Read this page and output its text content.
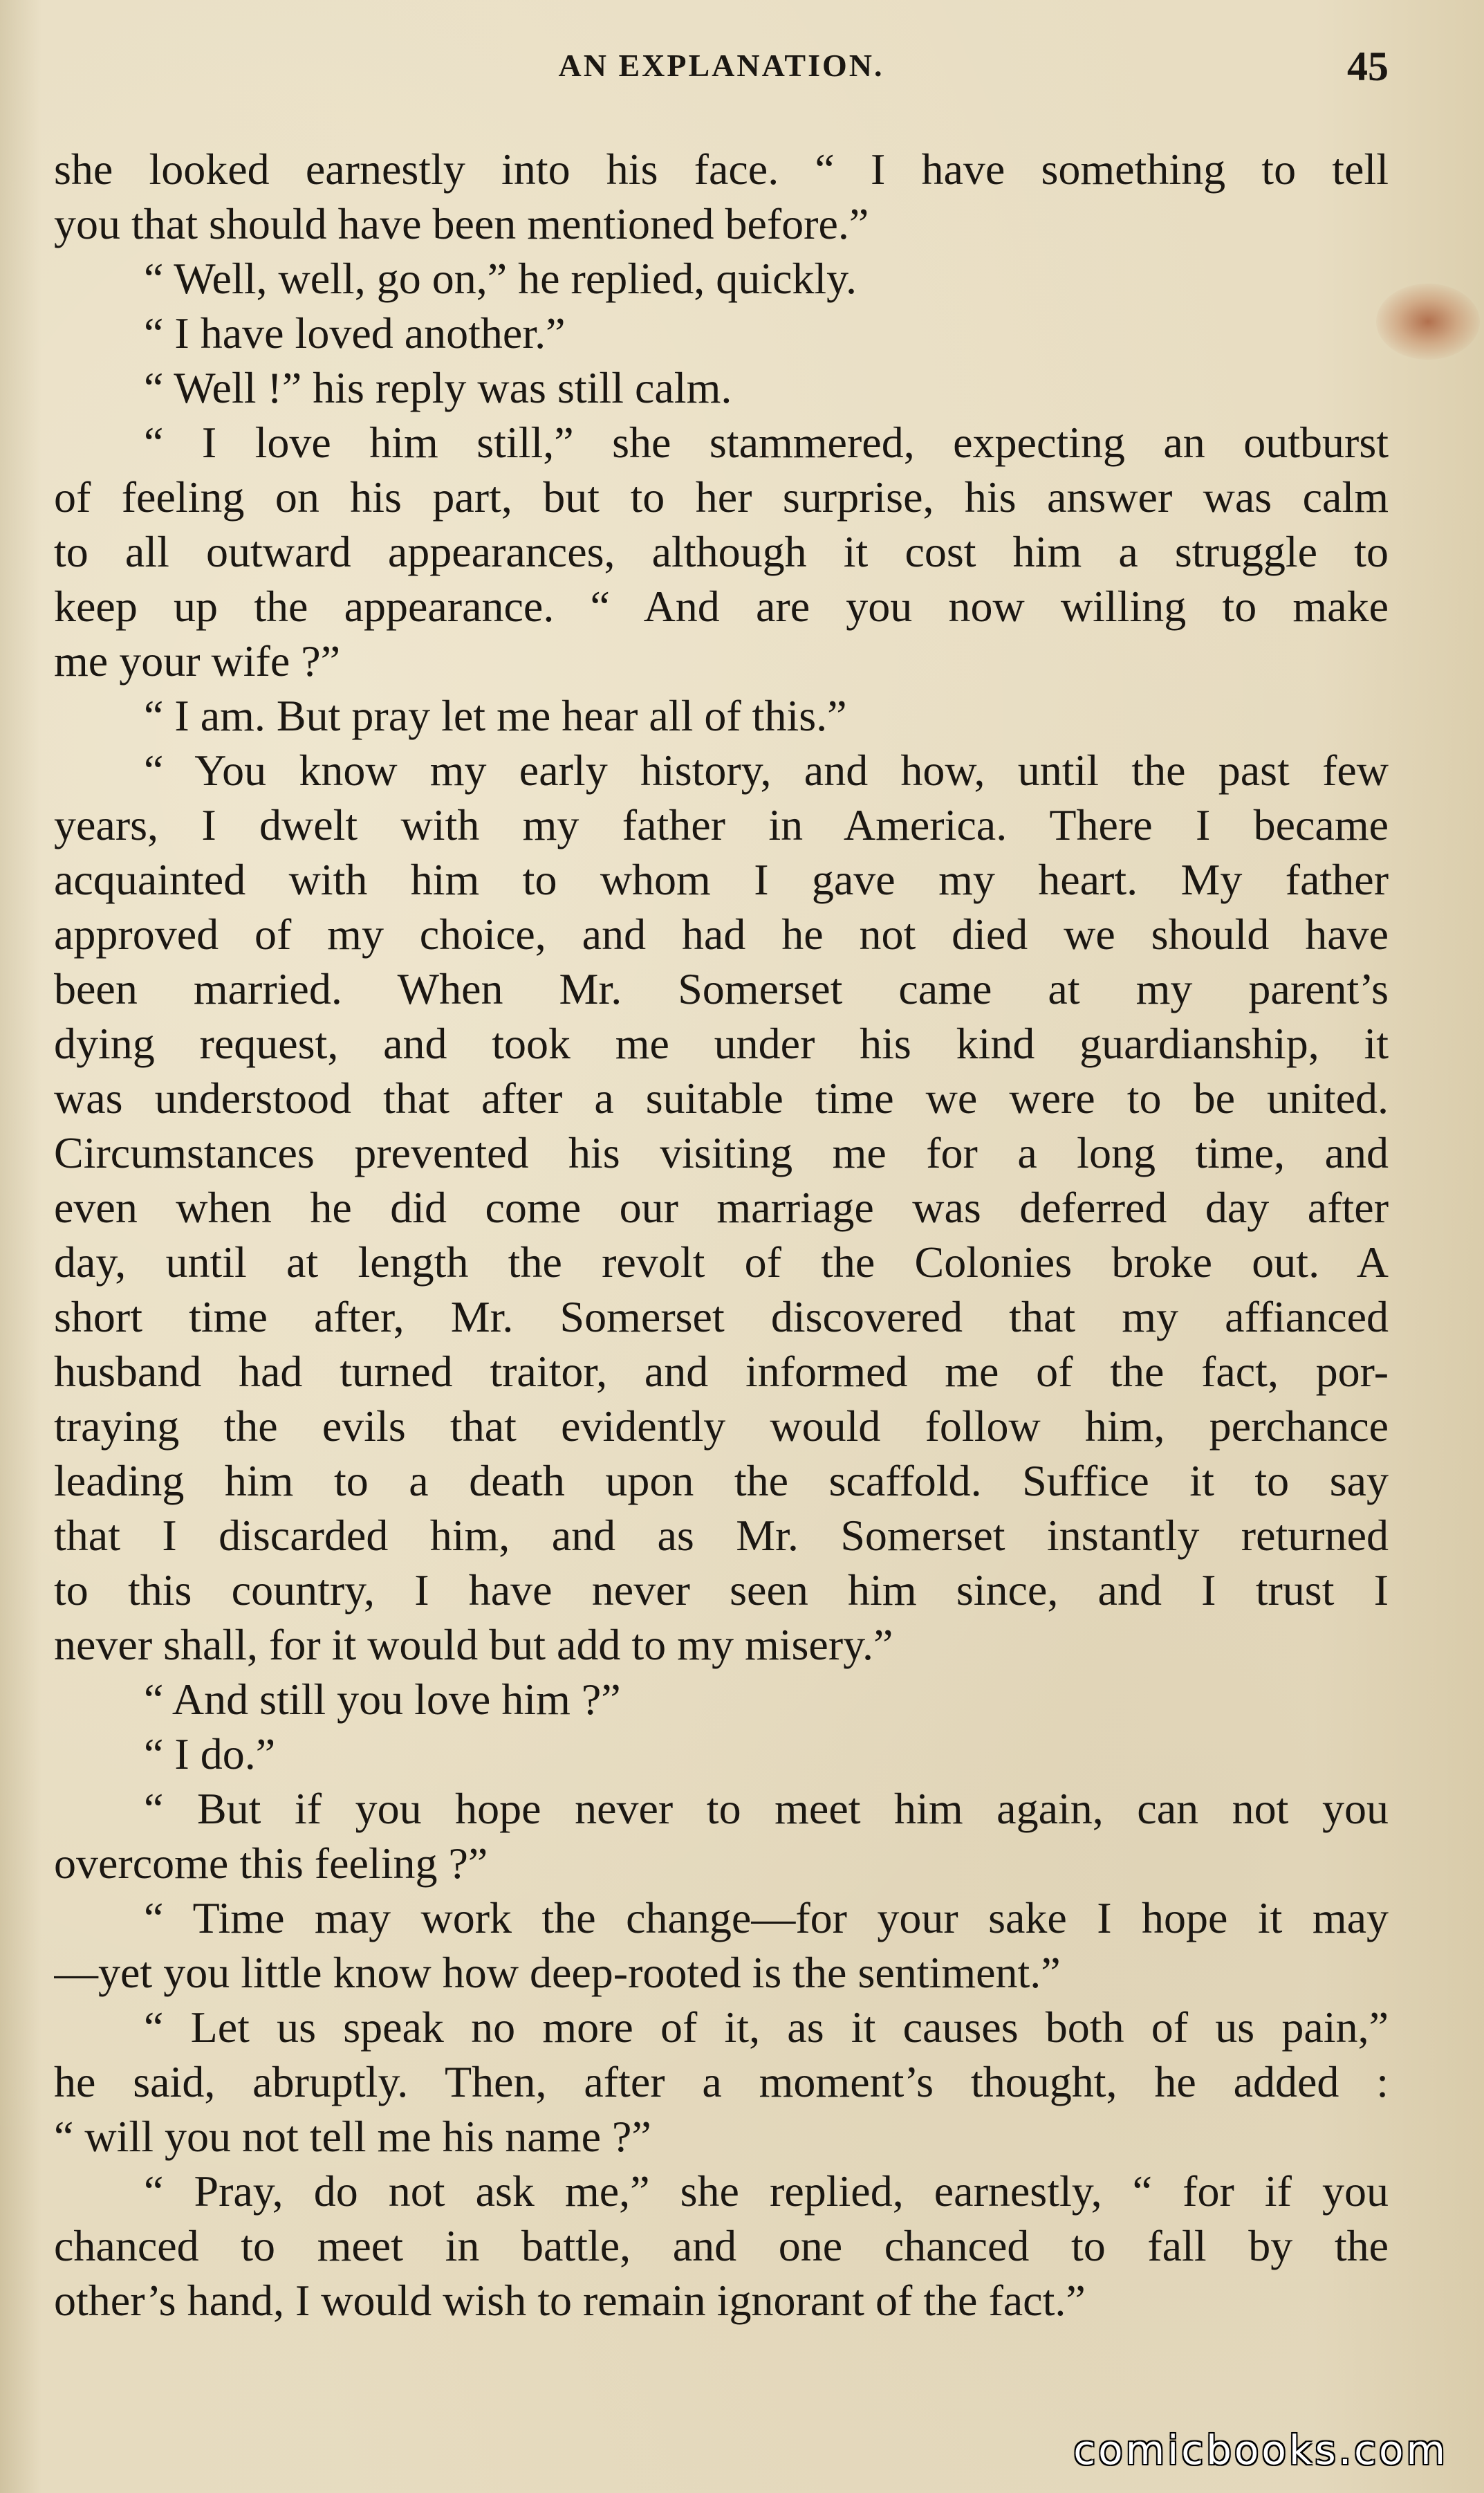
AN EXPLANATION.	45
she looked earnestly into his face. “ I have something to tell
you that should have been mentioned before.”
“ Well, well, go on,” he replied, quickly.
“ I have loved another.”
“ Well !” his reply was still calm.
“ I love him still,” she stammered, expecting an outburst
of feeling on his part, but to her surprise, his answer was calm
to all outward appearances, although it cost him a struggle to
keep up the appearance. “ And are you now willing to make
me your wife ?”
“ I am. But pray let me hear all of this.”
“ You know my early history, and how, until the past few
years, I dwelt with my father in America. There I became
acquainted with him to whom I gave my heart. My father
approved of my choice, and had he not died we should have
been married. When Mr. Somerset came at my parent’s
dying request, and took me under his kind guardianship, it
was understood that after a suitable time we were to be united.
Circumstances prevented his visiting me for a long time, and
even when he did come our marriage was deferred day after
day, until at length the revolt of the Colonies broke out. A
short time after, Mr. Somerset discovered that my affianced
husband had turned traitor, and informed me of the fact, por-
traying the evils that evidently would follow him, perchance
leading him to a death upon the scaffold. Suffice it to say
that I discarded him, and as Mr. Somerset instantly returned
to this country, I have never seen him since, and I trust I
never shall, for it would but add to my misery.”
“ And still you love him ?”
“ I do.”
“ But if you hope never to meet him again, can not you
overcome this feeling ?”
“ Time may work the change—for your sake I hope it may
—yet you little know how deep-rooted is the sentiment.”
“ Let us speak no more of it, as it causes both of us pain,”
he said, abruptly. Then, after a moment’s thought, he added :
“ will you not tell me his name ?”
“ Pray, do not ask me,” she replied, earnestly, “ for if you
chanced to meet in battle, and one chanced to fall by the
other’s hand, I would wish to remain ignorant of the fact.”
comicbooks.com
